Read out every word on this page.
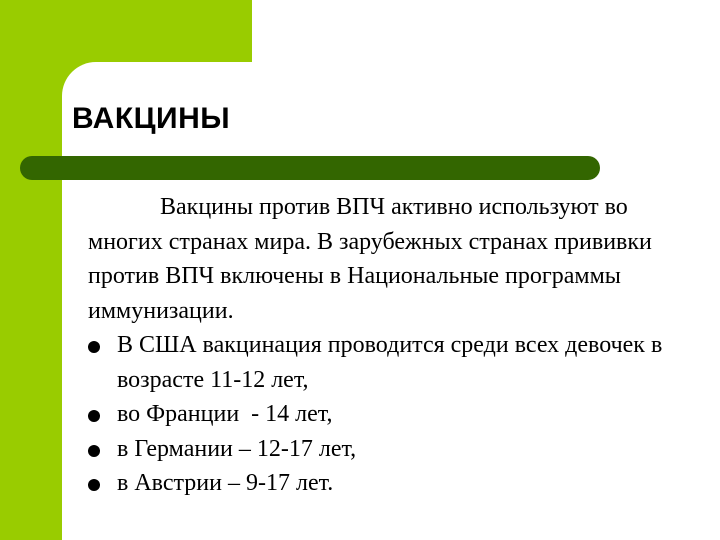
ВАКЦИНЫ

Вакцины против ВПЧ активно используют во многих странах мира. В зарубежных странах прививки против ВПЧ включены в Национальные программы иммунизации.

В США вакцинация проводится среди всех девочек в возрасте 11-12 лет,
во Франции  - 14 лет,
в Германии – 12-17 лет,
в Австрии – 9-17 лет.
